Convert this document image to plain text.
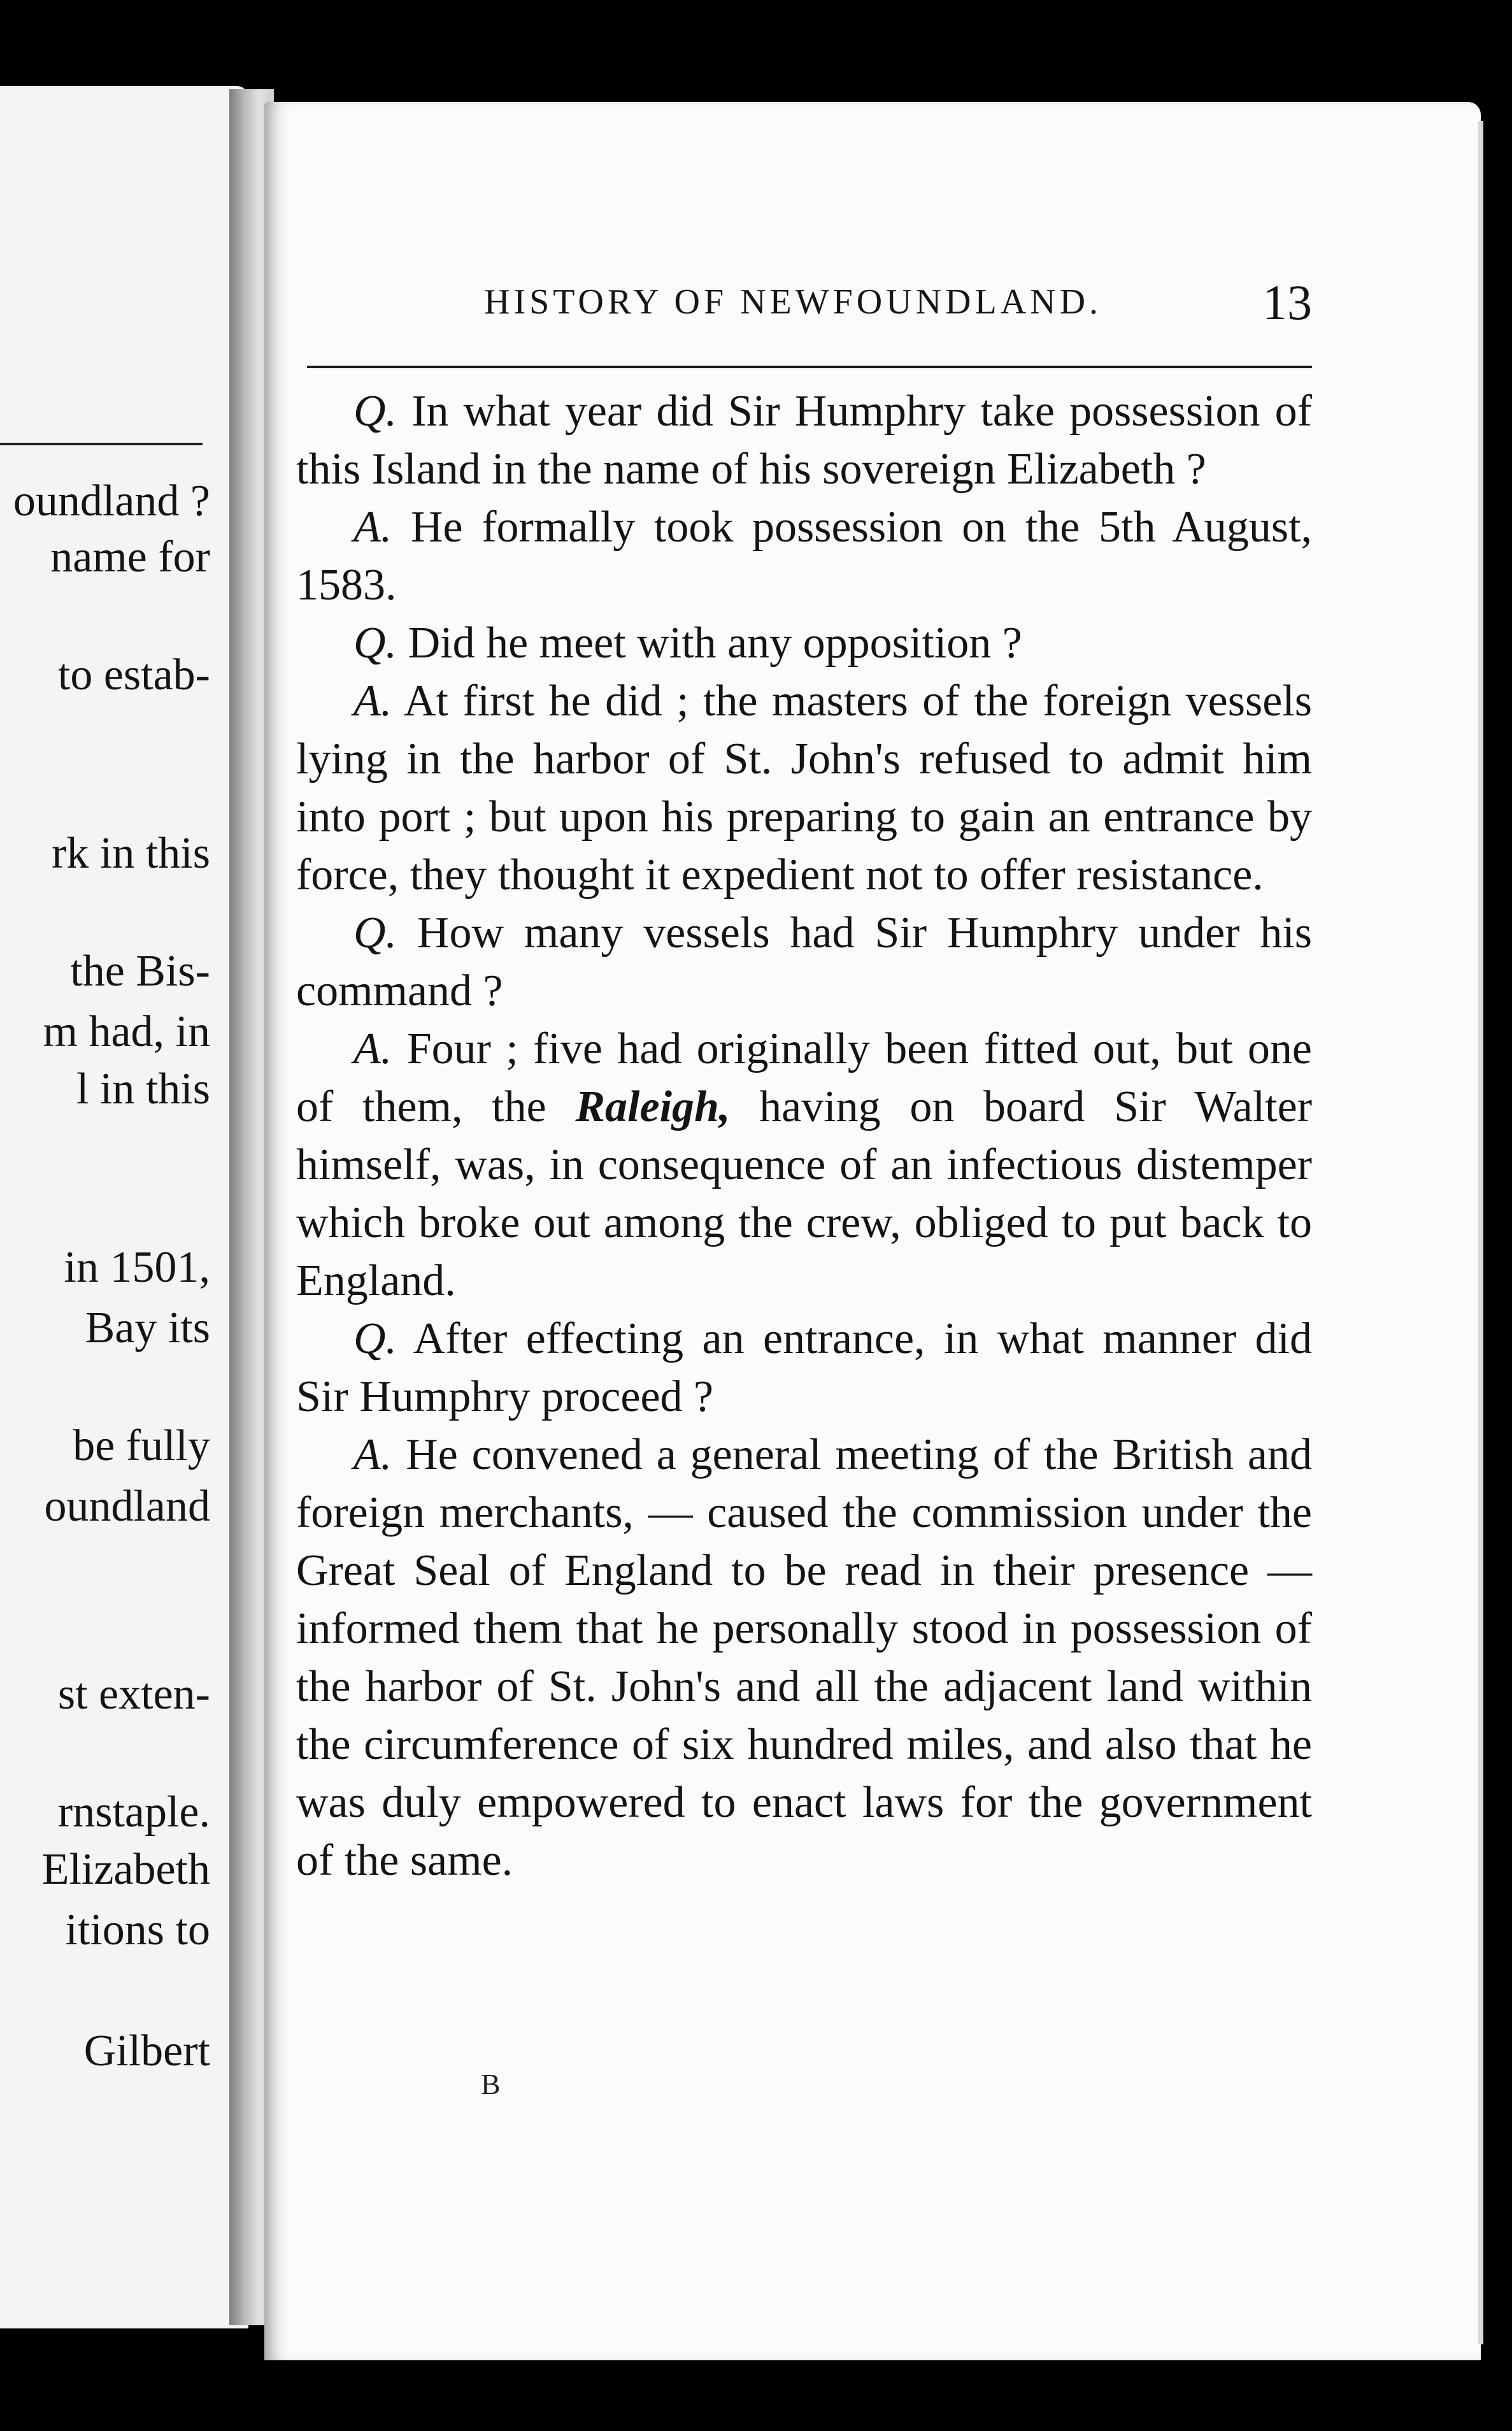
oundland ?
name for
to estab-
rk in this
the Bis-
m had, in
l in this
in 1501,
Bay its
be fully
oundland
st exten-
rnstaple.
Elizabeth
itions to
Gilbert
HISTORY OF NEWFOUNDLAND.	13

Q. In what year did Sir Humphry take possession of this Island in the name of his sovereign Elizabeth ?

A. He formally took possession on the 5th August, 1583.

Q. Did he meet with any opposition ?

A. At first he did ; the masters of the foreign vessels lying in the harbor of St. John's refused to admit him into port ; but upon his preparing to gain an entrance by force, they thought it expedient not to offer resistance.

Q. How many vessels had Sir Humphry under his command ?

A. Four ; five had originally been fitted out, but one of them, the Raleigh, having on board Sir Walter himself, was, in consequence of an infectious distemper which broke out among the crew, obliged to put back to England.

Q. After effecting an entrance, in what manner did Sir Humphry proceed ?

A. He convened a general meeting of the British and foreign merchants, — caused the commission under the Great Seal of England to be read in their presence — informed them that he personally stood in possession of the harbor of St. John's and all the adjacent land within the circumference of six hundred miles, and also that he was duly empowered to enact laws for the government of the same.

B
